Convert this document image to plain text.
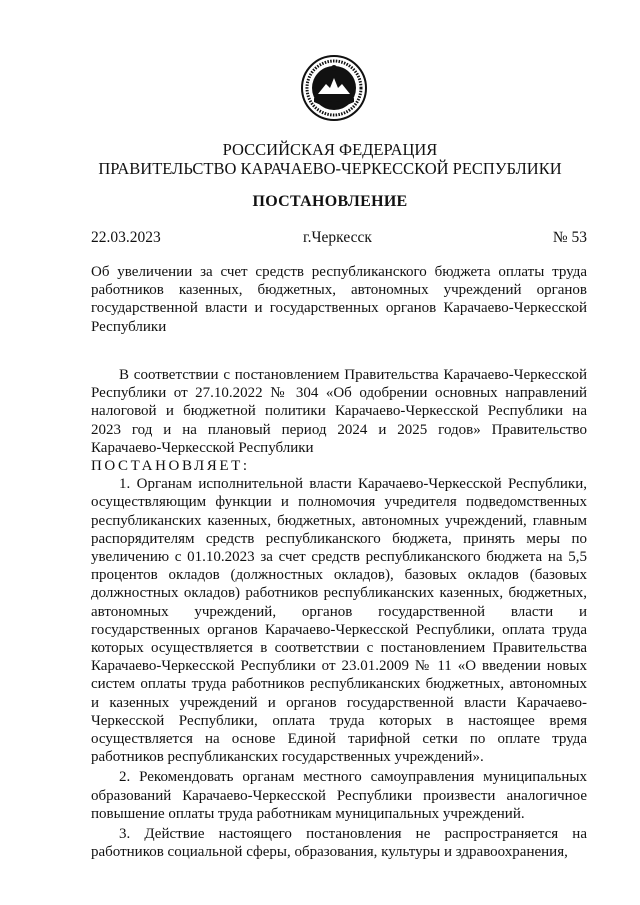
РОССИЙСКАЯ ФЕДЕРАЦИЯ
ПРАВИТЕЛЬСТВО КАРАЧАЕВО-ЧЕРКЕССКОЙ РЕСПУБЛИКИ
ПОСТАНОВЛЕНИЕ
22.03.2023	г.Черкесск	№ 53
Об увеличении за счет средств республиканского бюджета оплаты труда работников казенных, бюджетных, автономных учреждений органов государственной власти и государственных органов Карачаево-Черкесской Республики

В соответствии с постановлением Правительства Карачаево-Черкесской Республики от 27.10.2022 № 304 «Об одобрении основных направлений налоговой и бюджетной политики Карачаево-Черкесской Республики на 2023 год и на плановый период 2024 и 2025 годов» Правительство Карачаево-Черкесской Республики

ПОСТАНОВЛЯЕТ:

1. Органам исполнительной власти Карачаево-Черкесской Республики, осуществляющим функции и полномочия учредителя подведомственных республиканских казенных, бюджетных, автономных учреждений, главным распорядителям средств республиканского бюджета, принять меры по увеличению с 01.10.2023 за счет средств республиканского бюджета на 5,5 процентов окладов (должностных окладов), базовых окладов (базовых должностных окладов) работников республиканских казенных, бюджетных, автономных учреждений, органов государственной власти и государственных органов Карачаево-Черкесской Республики, оплата труда которых осуществляется в соответствии с постановлением Правительства Карачаево-Черкесской Республики от 23.01.2009 № 11 «О введении новых систем оплаты труда работников республиканских бюджетных, автономных и казенных учреждений и органов государственной власти Карачаево-Черкесской Республики, оплата труда которых в настоящее время осуществляется на основе Единой тарифной сетки по оплате труда работников республиканских государственных учреждений».

2. Рекомендовать органам местного самоуправления муниципальных образований Карачаево-Черкесской Республики произвести аналогичное повышение оплаты труда работникам муниципальных учреждений.

3. Действие настоящего постановления не распространяется на работников социальной сферы, образования, культуры и здравоохранения,
